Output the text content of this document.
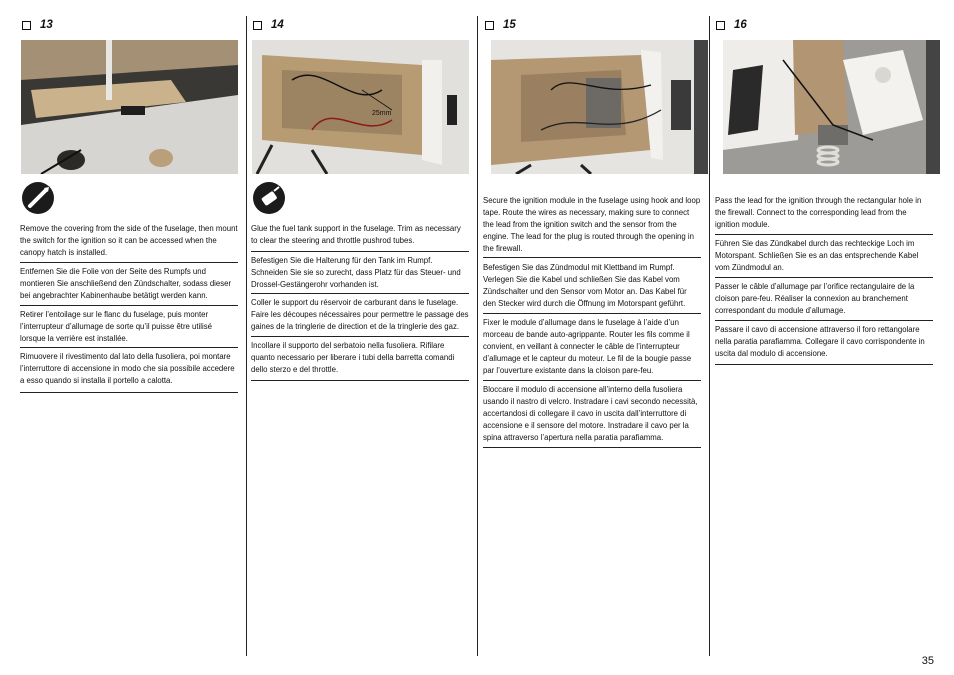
13
Remove the covering from the side of the fuselage, then mount the switch for the ignition so it can be accessed when the canopy hatch is installed.
Entfernen Sie die Folie von der Seite des Rumpfs und montieren Sie anschließend den Zündschalter, sodass dieser bei angebrachter Kabinenhaube betätigt werden kann.
Retirer l’entoilage sur le flanc du fuselage, puis monter l’interrupteur d’allumage de sorte qu’il puisse être utilisé lorsque la verrière est installée.
Rimuovere il rivestimento dal lato della fusoliera, poi montare l’interruttore di accensione in modo che sia possibile accedere a esso quando si installa il portello a calotta.
14
25mm
Glue the fuel tank support in the fuselage. Trim as necessary to clear the steering and throttle pushrod tubes.
Befestigen Sie die Halterung für den Tank im Rumpf. Schneiden Sie sie so zurecht, dass Platz für das Steuer- und Drossel-Gestängerohr vorhanden ist.
Coller le support du réservoir de carburant dans le fuselage. Faire les découpes nécessaires pour permettre le passage des gaines de la tringlerie de direction et de la tringlerie des gaz.
Incollare il supporto del serbatoio nella fusoliera. Rifilare quanto necessario per liberare i tubi della barretta comandi dello sterzo e del throttle.
15
Secure the ignition module in the fuselage using hook and loop tape. Route the wires as necessary, making sure to connect the lead from the ignition switch and the sensor from the engine. The lead for the plug is routed through the opening in the firewall.
Befestigen Sie das Zündmodul mit Klettband im Rumpf. Verlegen Sie die Kabel und schließen Sie das Kabel vom Zündschalter und den Sensor vom Motor an. Das Kabel für den Stecker wird durch die Öffnung im Motorspant geführt.
Fixer le module d’allumage dans le fuselage à l’aide d’un morceau de bande auto-agrippante. Router les fils comme il convient, en veillant à connecter le câble de l’interrupteur d’allumage et le capteur du moteur. Le fil de la bougie passe par l’ouverture existante dans la cloison pare-feu.
Bloccare il modulo di accensione all’interno della fusoliera usando il nastro di velcro. Instradare i cavi secondo necessità, accertandosi di collegare il cavo in uscita dall’interruttore di accensione e il sensore del motore. Instradare il cavo per la spina attraverso l’apertura nella paratia parafiamma.
16
Pass the lead for the ignition through the rectangular hole in the firewall. Connect to the corresponding lead from the ignition module.
Führen Sie das Zündkabel durch das rechteckige Loch im Motorspant. Schließen Sie es an das entsprechende Kabel vom Zündmodul an.
Passer le câble d’allumage par l’orifice rectangulaire de la cloison pare-feu. Réaliser la connexion au branchement correspondant du module d’allumage.
Passare il cavo di accensione attraverso il foro rettangolare nella paratia parafiamma. Collegare il cavo corrispondente in uscita dal modulo di accensione.
35
